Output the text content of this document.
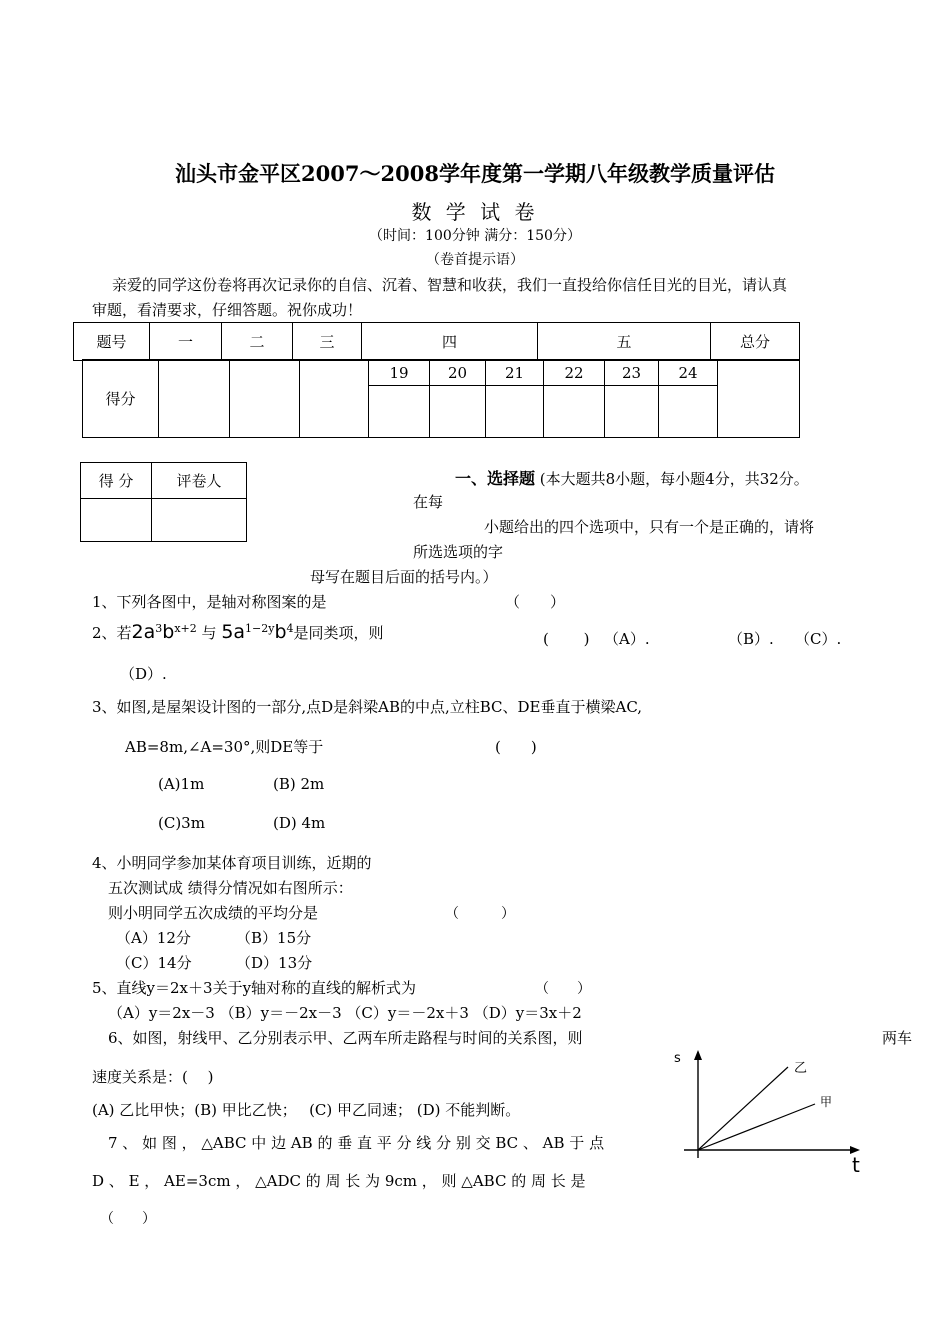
汕头市金平区2007～2008学年度第一学期八年级教学质量评估
数 学 试 卷
（时间：100分钟 满分：150分）
（卷首提示语）
亲爱的同学这份卷将再次记录你的自信、沉着、智慧和收获，我们一直投给你信任目光的目光，请认真
审题，看清要求，仔细答题。祝你成功！
题号	一	二	三	四	五	总分
得分				19	20	21	22	23	24	

得 分	评卷人
		一、选择题 (本大题共8小题，每小题4分，共32分。
在每
小题给出的四个选项中，只有一个是正确的，请将
所选选项的字
母写在题目后面的括号内。）
1、下列各图中，是轴对称图案的是	（　　）
2、若$2a^3b^{x+2}$ 与 $5a^{1-2y}b^4$是同类项，则	(　　 ) （A）.	（B）. （C）.
（D）.
3、如图,是屋架设计图的一部分,点D是斜梁AB的中点,立柱BC、DE垂直于横梁AC,
AB=8m,∠A=30°,则DE等于	(　　)
(A)1m	(B) 2m
(C)3m	(D) 4m
4、小明同学参加某体育项目训练，近期的
五次测试成 绩得分情况如右图所示：
则小明同学五次成绩的平均分是	（　　　）
（A）12分	（B）15分
（C）14分	（D）13分
5、直线y＝2x＋3关于y轴对称的直线的解析式为	（　　）
（A）y＝2x－3 （B）y＝－2x－3 （C）y＝－2x＋3 （D）y＝3x＋2
6、如图，射线甲、乙分别表示甲、乙两车所走路程与时间的关系图，则	两车
速度关系是：(　 )
(A) 乙比甲快；(B) 甲比乙快；　 (C) 甲乙同速； (D) 不能判断。
7 、 如 图 ， △ABC 中 边 AB 的 垂 直 平 分 线 分 别 交 BC 、 AB 于 点
D 、 E ， AE=3cm ， △ADC 的 周 长 为 9cm ， 则 △ABC 的 周 长 是
（　　）
s
t
乙
甲
